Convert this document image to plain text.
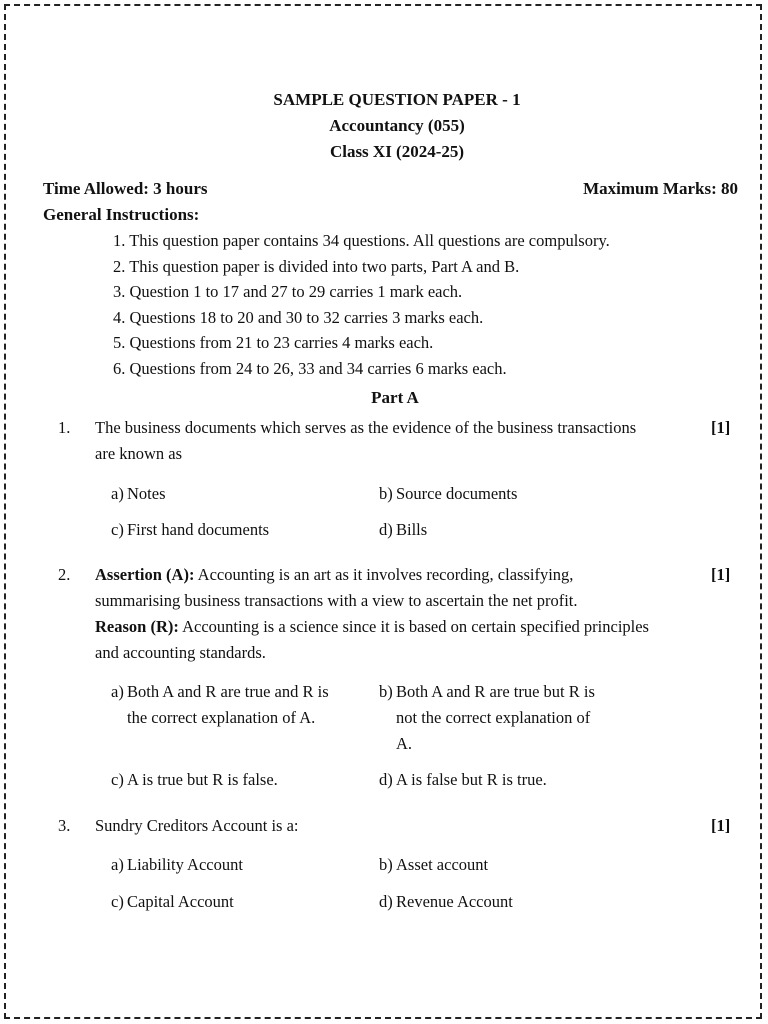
SAMPLE QUESTION PAPER - 1
Accountancy (055)
Class XI (2024-25)
Time Allowed: 3 hours	Maximum Marks: 80
General Instructions:
1. This question paper contains 34 questions. All questions are compulsory.
2. This question paper is divided into two parts, Part A and B.
3. Question 1 to 17 and 27 to 29 carries 1 mark each.
4. Questions 18 to 20 and 30 to 32 carries 3 marks each.
5. Questions from 21 to 23 carries 4 marks each.
6. Questions from 24 to 26, 33 and 34 carries 6 marks each.
Part A
1. The business documents which serves as the evidence of the business transactions
are known as
[1]
a) Notes	b) Source documents
c) First hand documents	d) Bills
2. Assertion (A): Accounting is an art as it involves recording, classifying,
summarising business transactions with a view to ascertain the net profit.
Reason (R): Accounting is a science since it is based on certain specified principles
and accounting standards.
[1]
a) Both A and R are true and R is
the correct explanation of A.
b) Both A and R are true but R is
not the correct explanation of
A.
c) A is true but R is false.	d) A is false but R is true.
3. Sundry Creditors Account is a:	[1]
a) Liability Account	b) Asset account
c) Capital Account	d) Revenue Account
